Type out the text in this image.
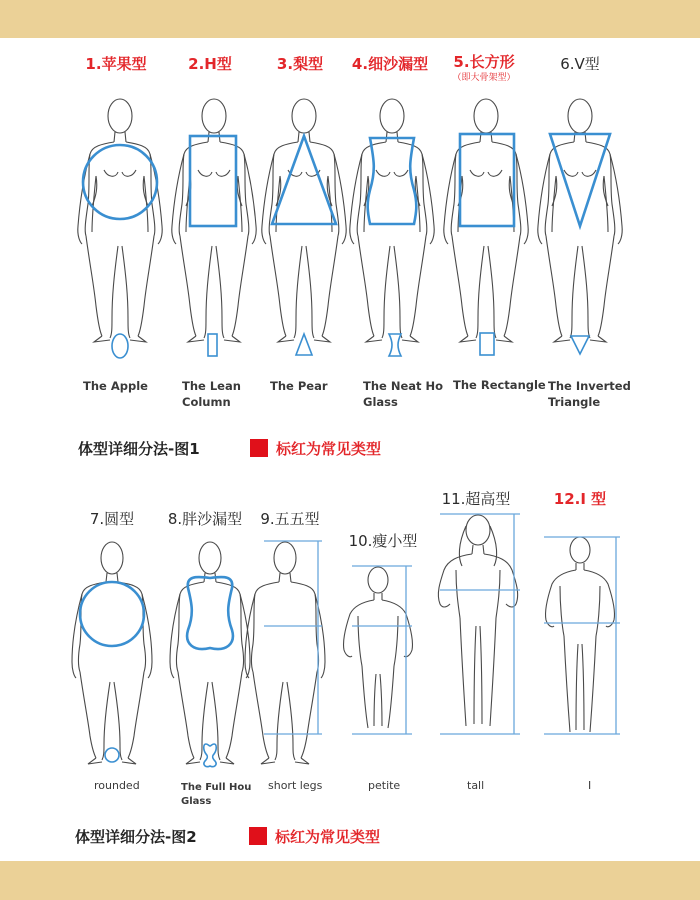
1.苹果型	2.H型	3.梨型 4.细沙漏型 5.长方形
（即大骨架型）
6.V型
The Apple	The Lean
Column
The Pear	The Neat Ho
Glass
The Rectangle The Inverted
Triangle
体型详细分法-图1	标红为常见类型
7.圆型 8.胖沙漏型 9.五五型
10.瘦小型
11.超高型	12.I 型
rounded	The Full Hou
Glass
short legs	petite	tall	I
体型详细分法-图2	标红为常见类型
